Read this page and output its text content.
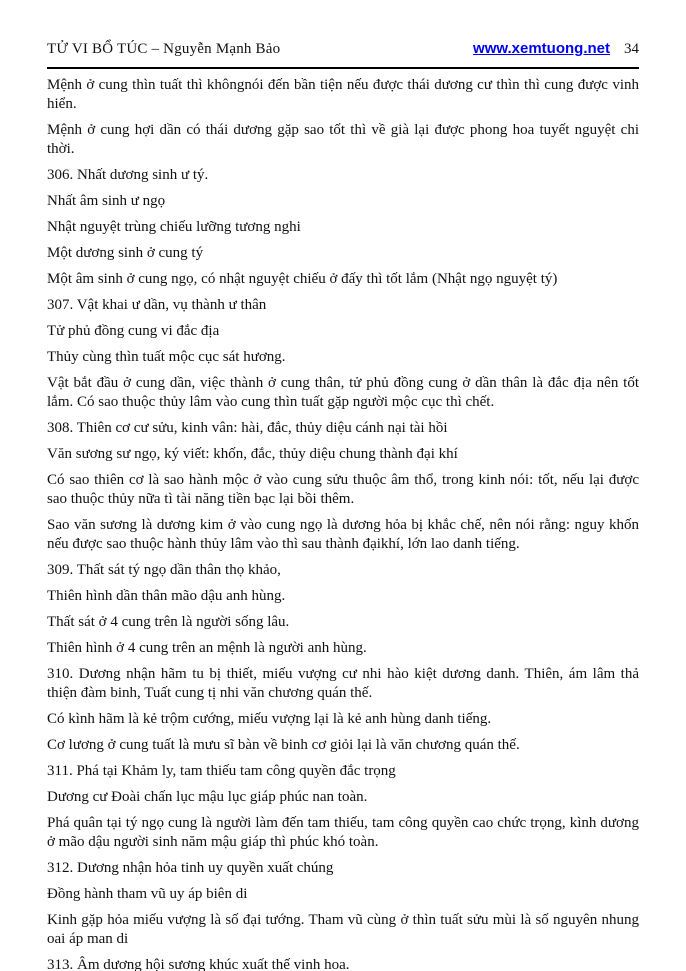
TỬ VI BỔ TÚC – Nguyễn Mạnh Bảo	www.xemtuong.net 34

Mệnh ở cung thìn tuất thì khôngnói đến bần tiện nếu được thái dương cư thìn thì cung được vinh hiển.

Mệnh ở cung hợi dần có thái dương gặp sao tốt thì về già lại được phong hoa tuyết nguyệt chi thời.

306. Nhất dương sinh ư tý.

Nhất âm sinh ư ngọ

Nhật nguyệt trùng chiếu lưỡng tương nghi

Một dương sinh ở cung tý

Một âm sinh ở cung ngọ, có nhật nguyệt chiếu ở đấy thì tốt lắm (Nhật ngọ nguyệt tý)

307. Vật khai ư dần, vụ thành ư thân

Tử phủ đồng cung vi đắc địa

Thủy cùng thìn tuất mộc cục sát hương.

Vật bắt đầu ở cung dần, việc thành ở cung thân, tử phủ đồng cung ở dần thân là đắc địa nên tốt lắm. Có sao thuộc thủy lâm vào cung thìn tuất gặp người mộc cục thì chết.

308. Thiên cơ cư sửu, kinh vân: hài, đắc, thủy diệu cánh nại tài hồi

Văn sương sư ngọ, ký viết: khốn, đắc, thủy diệu chung thành đại khí

Có sao thiên cơ là sao hành mộc ở vào cung sửu thuộc âm thổ, trong kinh nói: tốt, nếu lại được sao thuộc thủy nữa tì tài năng tiền bạc lại bồi thêm.

Sao văn sương là dương kim ở vào cung ngọ là dương hỏa bị khắc chế, nên nói rằng: nguy khốn nếu được sao thuộc hành thủy lâm vào thì sau thành đạikhí, lớn lao danh tiếng.

309. Thất sát tý ngọ dần thân thọ khảo,

Thiên hình dần thân mão dậu anh hùng.

Thất sát ở 4 cung trên là người sống lâu.

Thiên hình ở 4 cung trên an mệnh là người anh hùng.

310. Dương nhận hãm tu bị thiết, miếu vượng cư nhi hào kiệt dương danh. Thiên, ám lâm thả thiện đàm binh, Tuất cung tị nhi văn chương quán thế.

Có kình hãm là kẻ trộm cướng, miếu vượng lại là kẻ anh hùng danh tiếng.

Cơ lương ở cung tuất là mưu sĩ bàn về binh cơ giỏi lại là văn chương quán thế.

311. Phá tại Khảm ly, tam thiếu tam công quyền đắc trọng

Dương cư Đoài chấn lục mậu lục giáp phúc nan toàn.

Phá quân tại tý ngọ cung là người làm đến tam thiếu, tam công quyền cao chức trọng, kình dương ở mão dậu người sinh năm mậu giáp thì phúc khó toàn.

312. Dương nhận hỏa tinh uy quyền xuất chúng

Đồng hành tham vũ uy áp biên di

Kinh gặp hỏa miếu vượng là số đại tướng. Tham vũ cùng ở thìn tuất sửu mùi là số nguyên nhung oai áp man di

313. Âm dương hội sương khúc xuất thế vinh hoa.
